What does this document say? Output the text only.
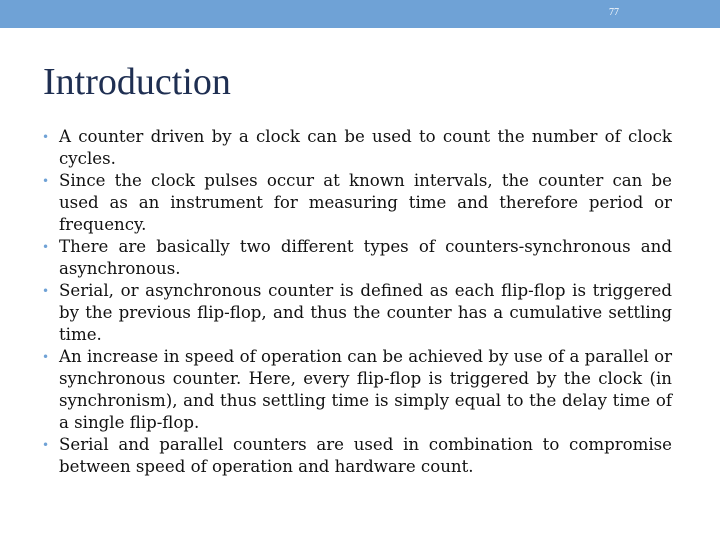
77
Introduction
• A counter driven by a clock can be used to count the number of clock cycles.
• Since the clock pulses occur at known intervals, the counter can be used as an instrument for measuring time and therefore period or frequency.
• There are basically two different types of counters-synchronous and asynchronous.
• Serial, or asynchronous counter is defined as each flip-flop is triggered by the previous flip-flop, and thus the counter has a cumulative settling time.
• An increase in speed of operation can be achieved by use of a parallel or synchronous counter. Here, every flip-flop is triggered by the clock (in synchronism), and thus settling time is simply equal to the delay time of a single flip-flop.
• Serial and parallel counters are used in combination to compromise between speed of operation and hardware count.
